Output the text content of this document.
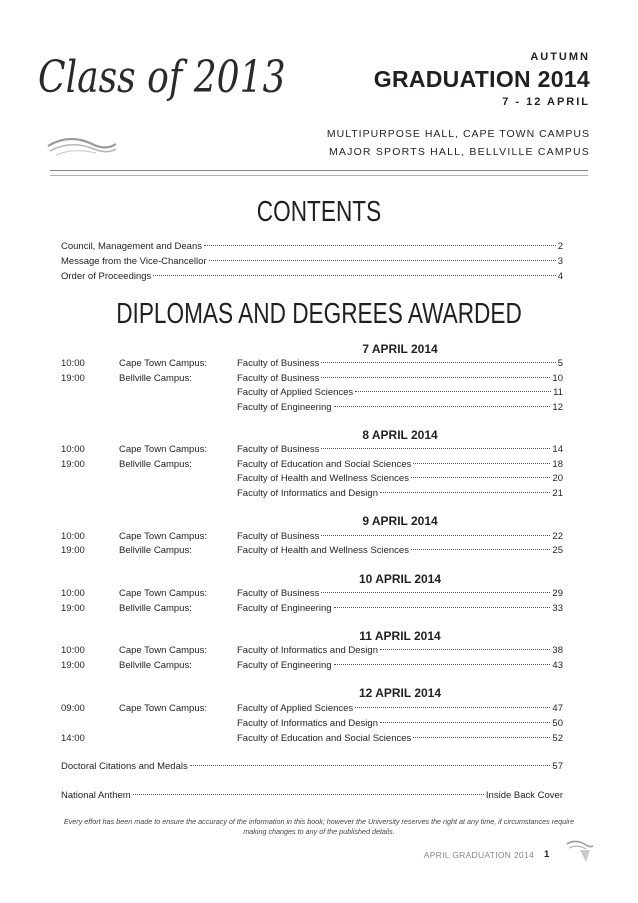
Class of 2013	AUTUMN
GRADUATION 2014
7 - 12 APRIL
MULTIPURPOSE HALL, CAPE TOWN CAMPUS
MAJOR SPORTS HALL, BELLVILLE CAMPUS
CONTENTS
Council, Management and Deans	2
Message from the Vice-Chancellor	3
Order of Proceedings	4
DIPLOMAS AND DEGREES AWARDED
7 APRIL 2014
10:00	Cape Town Campus:	Faculty of Business	5
19:00	Bellville Campus:	Faculty of Business	10
Faculty of Applied Sciences	11
Faculty of Engineering	12
8 APRIL 2014
10:00	Cape Town Campus:	Faculty of Business	14
19:00	Bellville Campus:	Faculty of Education and Social Sciences	18
Faculty of Health and Wellness Sciences	20
Faculty of Informatics and Design	21
9 APRIL 2014
10:00	Cape Town Campus:	Faculty of Business	22
19:00	Bellville Campus:	Faculty of Health and Wellness Sciences	25
10 APRIL 2014
10:00	Cape Town Campus:	Faculty of Business	29
19:00	Bellville Campus:	Faculty of Engineering	33
11 APRIL 2014
10:00	Cape Town Campus:	Faculty of Informatics and Design	38
19:00	Bellville Campus:	Faculty of Engineering	43
12 APRIL 2014
09:00	Cape Town Campus:	Faculty of Applied Sciences	47
Faculty of Informatics and Design	50
14:00	Faculty of Education and Social Sciences	52
Doctoral Citations and Medals	57
National Anthem	Inside Back Cover
Every effort has been made to ensure the accuracy of the information in this book; however the University reserves the right at any time, if circumstances require making changes to any of the published details.
APRIL GRADUATION 2014 1
